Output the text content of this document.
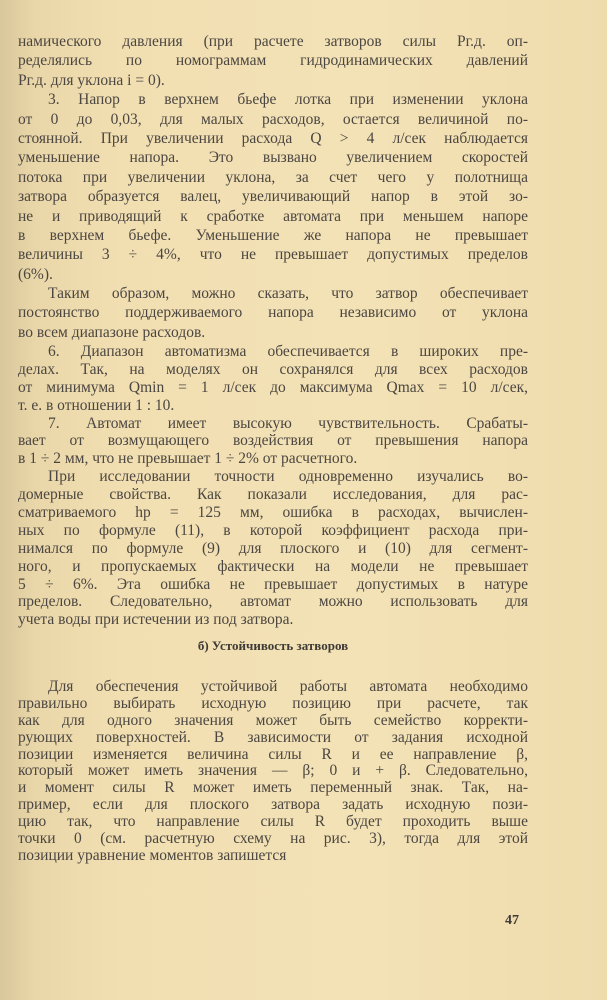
намического давления (при расчете затворов силы Pг.д. оп-
ределялись по номограммам гидродинамических давлений
Pг.д. для уклона i = 0).
3. Напор в верхнем бьефе лотка при изменении уклона
от 0 до 0,03, для малых расходов, остается величиной по-
стоянной. При увеличении расхода Q > 4 л/сек наблюдается
уменьшение напора. Это вызвано увеличением скоростей
потока при увеличении уклона, за счет чего у полотнища
затвора образуется валец, увеличивающий напор в этой зо-
не и приводящий к сработке автомата при меньшем напоре
в верхнем бьефе. Уменьшение же напора не превышает
величины 3 ÷ 4%, что не превышает допустимых пределов
(6%).
Таким образом, можно сказать, что затвор обеспечивает
постоянство поддерживаемого напора независимо от уклона
во всем диапазоне расходов.
6. Диапазон автоматизма обеспечивается в широких пре-
делах. Так, на моделях он сохранялся для всех расходов
от минимума Qmin = 1 л/сек до максимума Qmax = 10 л/сек,
т. е. в отношении 1 : 10.
7. Автомат имеет высокую чувствительность. Срабаты-
вает от возмущающего воздействия от превышения напора
в 1 ÷ 2 мм, что не превышает 1 ÷ 2% от расчетного.
При исследовании точности одновременно изучались во-
домерные свойства. Как показали исследования, для рас-
сматриваемого hр = 125 мм, ошибка в расходах, вычислен-
ных по формуле (11), в которой коэффициент расхода при-
нимался по формуле (9) для плоского и (10) для сегмент-
ного, и пропускаемых фактически на модели не превышает
5 ÷ 6%. Эта ошибка не превышает допустимых в натуре
пределов. Следовательно, автомат можно использовать для
учета воды при истечении из под затвора.
б) Устойчивость затворов
Для обеспечения устойчивой работы автомата необходимо
правильно выбирать исходную позицию при расчете, так
как для одного значения может быть семейство корректи-
рующих поверхностей. В зависимости от задания исходной
позиции изменяется величина силы R и ее направление β,
который может иметь значения — β; 0 и + β. Следовательно,
и момент силы R может иметь переменный знак. Так, на-
пример, если для плоского затвора задать исходную пози-
цию так, что направление силы R будет проходить выше
точки 0 (см. расчетную схему на рис. 3), тогда для этой
позиции уравнение моментов запишется
47
